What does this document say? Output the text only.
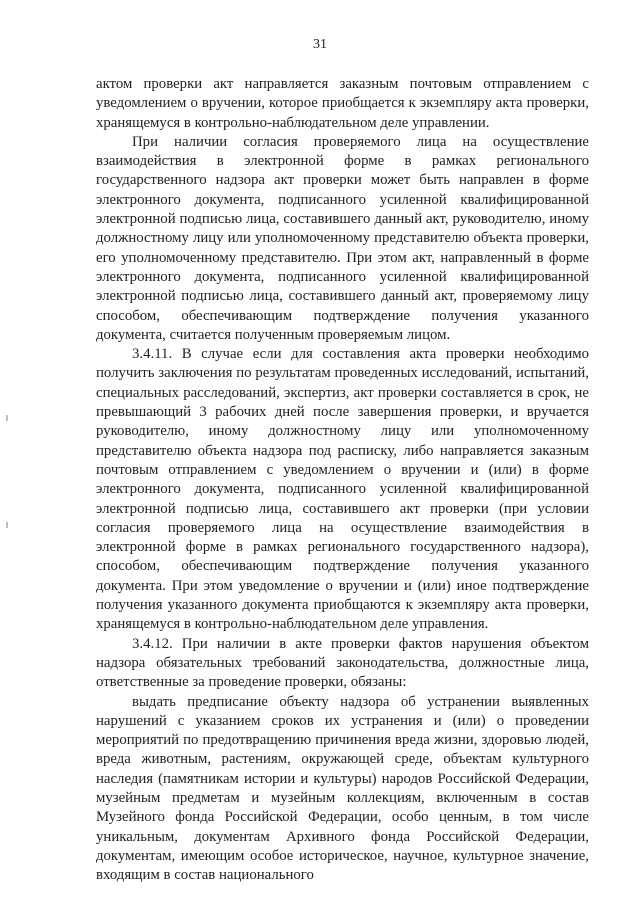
31

актом проверки акт направляется заказным почтовым отправлением с уведомлением о вручении, которое приобщается к экземпляру акта проверки, хранящемуся в контрольно-наблюдательном деле управлении.

При наличии согласия проверяемого лица на осуществление взаимодействия в электронной форме в рамках регионального государственного надзора акт проверки может быть направлен в форме электронного документа, подписанного усиленной квалифицированной электронной подписью лица, составившего данный акт, руководителю, иному должностному лицу или уполномоченному представителю объекта проверки, его уполномоченному представителю. При этом акт, направленный в форме электронного документа, подписанного усиленной квалифицированной электронной подписью лица, составившего данный акт, проверяемому лицу способом, обеспечивающим подтверждение получения указанного документа, считается полученным проверяемым лицом.

3.4.11. В случае если для составления акта проверки необходимо получить заключения по результатам проведенных исследований, испытаний, специальных расследований, экспертиз, акт проверки составляется в срок, не превышающий 3 рабочих дней после завершения проверки, и вручается руководителю, иному должностному лицу или уполномоченному представителю объекта надзора под расписку, либо направляется заказным почтовым отправлением с уведомлением о вручении и (или) в форме электронного документа, подписанного усиленной квалифицированной электронной подписью лица, составившего акт проверки (при условии согласия проверяемого лица на осуществление взаимодействия в электронной форме в рамках регионального государственного надзора), способом, обеспечивающим подтверждение получения указанного документа. При этом уведомление о вручении и (или) иное подтверждение получения указанного документа приобщаются к экземпляру акта проверки, хранящемуся в контрольно-наблюдательном деле управления.

3.4.12. При наличии в акте проверки фактов нарушения объектом надзора обязательных требований законодательства, должностные лица, ответственные за проведение проверки, обязаны:

выдать предписание объекту надзора об устранении выявленных нарушений с указанием сроков их устранения и (или) о проведении мероприятий по предотвращению причинения вреда жизни, здоровью людей, вреда животным, растениям, окружающей среде, объектам культурного наследия (памятникам истории и культуры) народов Российской Федерации, музейным предметам и музейным коллекциям, включенным в состав Музейного фонда Российской Федерации, особо ценным, в том числе уникальным, документам Архивного фонда Российской Федерации, документам, имеющим особое историческое, научное, культурное значение, входящим в состав национального
